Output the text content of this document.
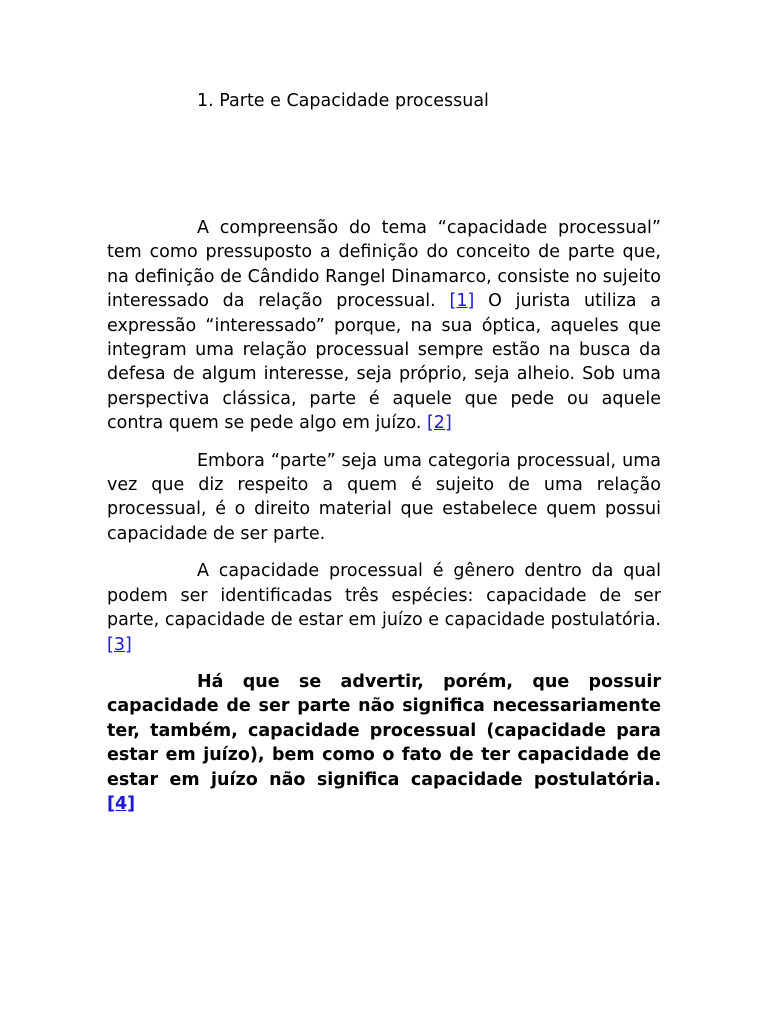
1. Parte e Capacidade processual

A compreensão do tema “capacidade processual” tem como pressuposto a definição do conceito de parte que, na definição de Cândido Rangel Dinamarco, consiste no sujeito interessado da relação processual. [1] O jurista utiliza a expressão “interessado” porque, na sua óptica, aqueles que integram uma relação processual sempre estão na busca da defesa de algum interesse, seja próprio, seja alheio. Sob uma perspectiva clássica, parte é aquele que pede ou aquele contra quem se pede algo em juízo. [2]

Embora “parte” seja uma categoria processual, uma vez que diz respeito a quem é sujeito de uma relação processual, é o direito material que estabelece quem possui capacidade de ser parte.

A capacidade processual é gênero dentro da qual podem ser identificadas três espécies: capacidade de ser parte, capacidade de estar em juízo e capacidade postulatória. [3]

Há que se advertir, porém, que possuir capacidade de ser parte não significa necessariamente ter, também, capacidade processual (capacidade para estar em juízo), bem como o fato de ter capacidade de estar em juízo não significa capacidade postulatória. [4]
